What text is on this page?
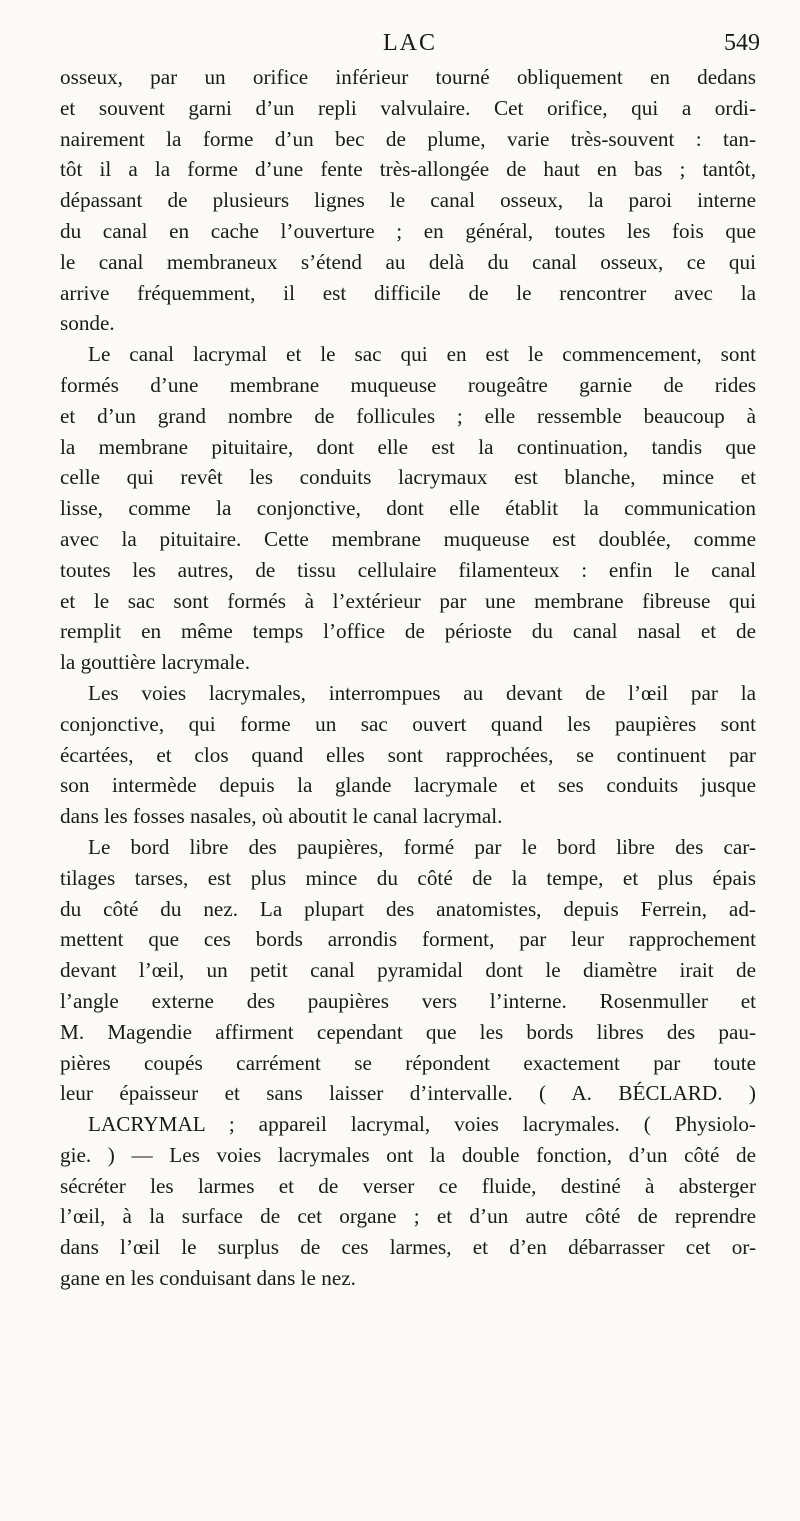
LAC	549

osseux, par un orifice inférieur tourné obliquement en dedans
et souvent garni d’un repli valvulaire. Cet orifice, qui a ordi-
nairement la forme d’un bec de plume, varie très-souvent : tan-
tôt il a la forme d’une fente très-allongée de haut en bas ; tantôt,
dépassant de plusieurs lignes le canal osseux, la paroi interne
du canal en cache l’ouverture ; en général, toutes les fois que
le canal membraneux s’étend au delà du canal osseux, ce qui
arrive fréquemment, il est difficile de le rencontrer avec la
sonde.

Le canal lacrymal et le sac qui en est le commencement, sont
formés d’une membrane muqueuse rougeâtre garnie de rides
et d’un grand nombre de follicules ; elle ressemble beaucoup à
la membrane pituitaire, dont elle est la continuation, tandis que
celle qui revêt les conduits lacrymaux est blanche, mince et
lisse, comme la conjonctive, dont elle établit la communication
avec la pituitaire. Cette membrane muqueuse est doublée, comme
toutes les autres, de tissu cellulaire filamenteux : enfin le canal
et le sac sont formés à l’extérieur par une membrane fibreuse qui
remplit en même temps l’office de périoste du canal nasal et de
la gouttière lacrymale.

Les voies lacrymales, interrompues au devant de l’œil par la
conjonctive, qui forme un sac ouvert quand les paupières sont
écartées, et clos quand elles sont rapprochées, se continuent par
son intermède depuis la glande lacrymale et ses conduits jusque
dans les fosses nasales, où aboutit le canal lacrymal.

Le bord libre des paupières, formé par le bord libre des car-
tilages tarses, est plus mince du côté de la tempe, et plus épais
du côté du nez. La plupart des anatomistes, depuis Ferrein, ad-
mettent que ces bords arrondis forment, par leur rapprochement
devant l’œil, un petit canal pyramidal dont le diamètre irait de
l’angle externe des paupières vers l’interne. Rosenmuller et
M. Magendie affirment cependant que les bords libres des pau-
pières coupés carrément se répondent exactement par toute
leur épaisseur et sans laisser d’intervalle. ( A. BÉCLARD. )

LACRYMAL ; appareil lacrymal, voies lacrymales. ( Physiolo-
gie. ) — Les voies lacrymales ont la double fonction, d’un côté de
sécréter les larmes et de verser ce fluide, destiné à absterger
l’œil, à la surface de cet organe ; et d’un autre côté de reprendre
dans l’œil le surplus de ces larmes, et d’en débarrasser cet or-
gane en les conduisant dans le nez.
